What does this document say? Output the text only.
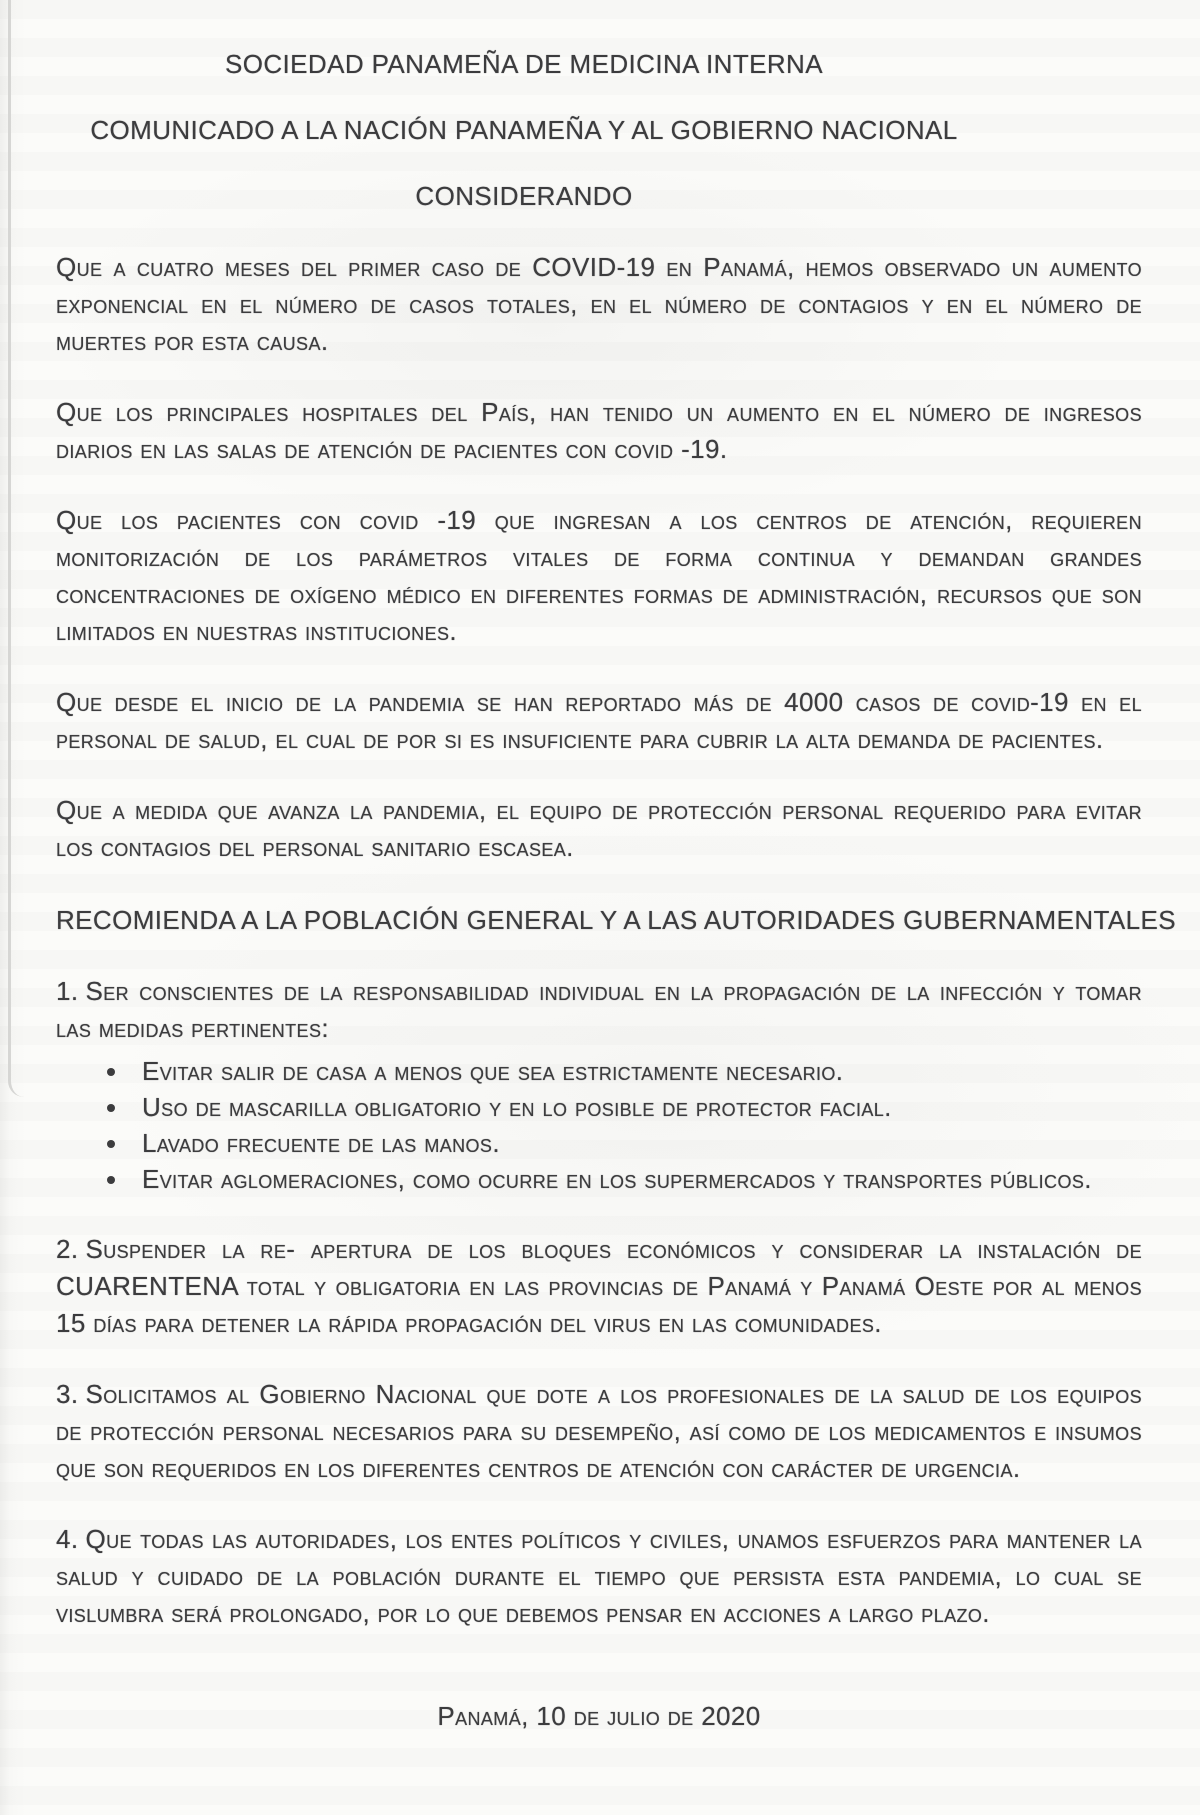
SOCIEDAD PANAMEÑA DE MEDICINA INTERNA
COMUNICADO A LA NACIÓN PANAMEÑA Y AL GOBIERNO NACIONAL
CONSIDERANDO

Que a cuatro meses del primer caso de COVID-19 en Panamá, hemos observado un aumento exponencial en el número de casos totales, en el número de contagios y en el número de muertes por esta causa.

Que los principales hospitales del País, han tenido un aumento en el número de ingresos diarios en las salas de atención de pacientes con covid -19.

Que los pacientes con covid -19 que ingresan a los centros de atención, requieren monitorización de los parámetros vitales de forma continua y demandan grandes concentraciones de oxígeno médico en diferentes formas de administración, recursos que son limitados en nuestras instituciones.

Que desde el inicio de la pandemia se han reportado más de 4000 casos de covid-19 en el personal de salud, el cual de por si es insuficiente para cubrir la alta demanda de pacientes.

Que a medida que avanza la pandemia, el equipo de protección personal requerido para evitar los contagios del personal sanitario escasea.

RECOMIENDA A LA POBLACIÓN GENERAL Y A LAS AUTORIDADES GUBERNAMENTALES

1. Ser conscientes de la responsabilidad individual en la propagación de la infección y tomar las medidas pertinentes:

• Evitar salir de casa a menos que sea estrictamente necesario.
• Uso de mascarilla obligatorio y en lo posible de protector facial.
• Lavado frecuente de las manos.
• Evitar aglomeraciones, como ocurre en los supermercados y transportes públicos.

2. Suspender la re- apertura de los bloques económicos y considerar la instalación de CUARENTENA total y obligatoria en las provincias de Panamá y Panamá Oeste por al menos 15 días para detener la rápida propagación del virus en las comunidades.

3. Solicitamos al Gobierno Nacional que dote a los profesionales de la salud de los equipos de protección personal necesarios para su desempeño, así como de los medicamentos e insumos que son requeridos en los diferentes centros de atención con carácter de urgencia.

4. Que todas las autoridades, los entes políticos y civiles, unamos esfuerzos para mantener la salud y cuidado de la población durante el tiempo que persista esta pandemia, lo cual se vislumbra será prolongado, por lo que debemos pensar en acciones a largo plazo.

Panamá, 10 de julio de 2020
